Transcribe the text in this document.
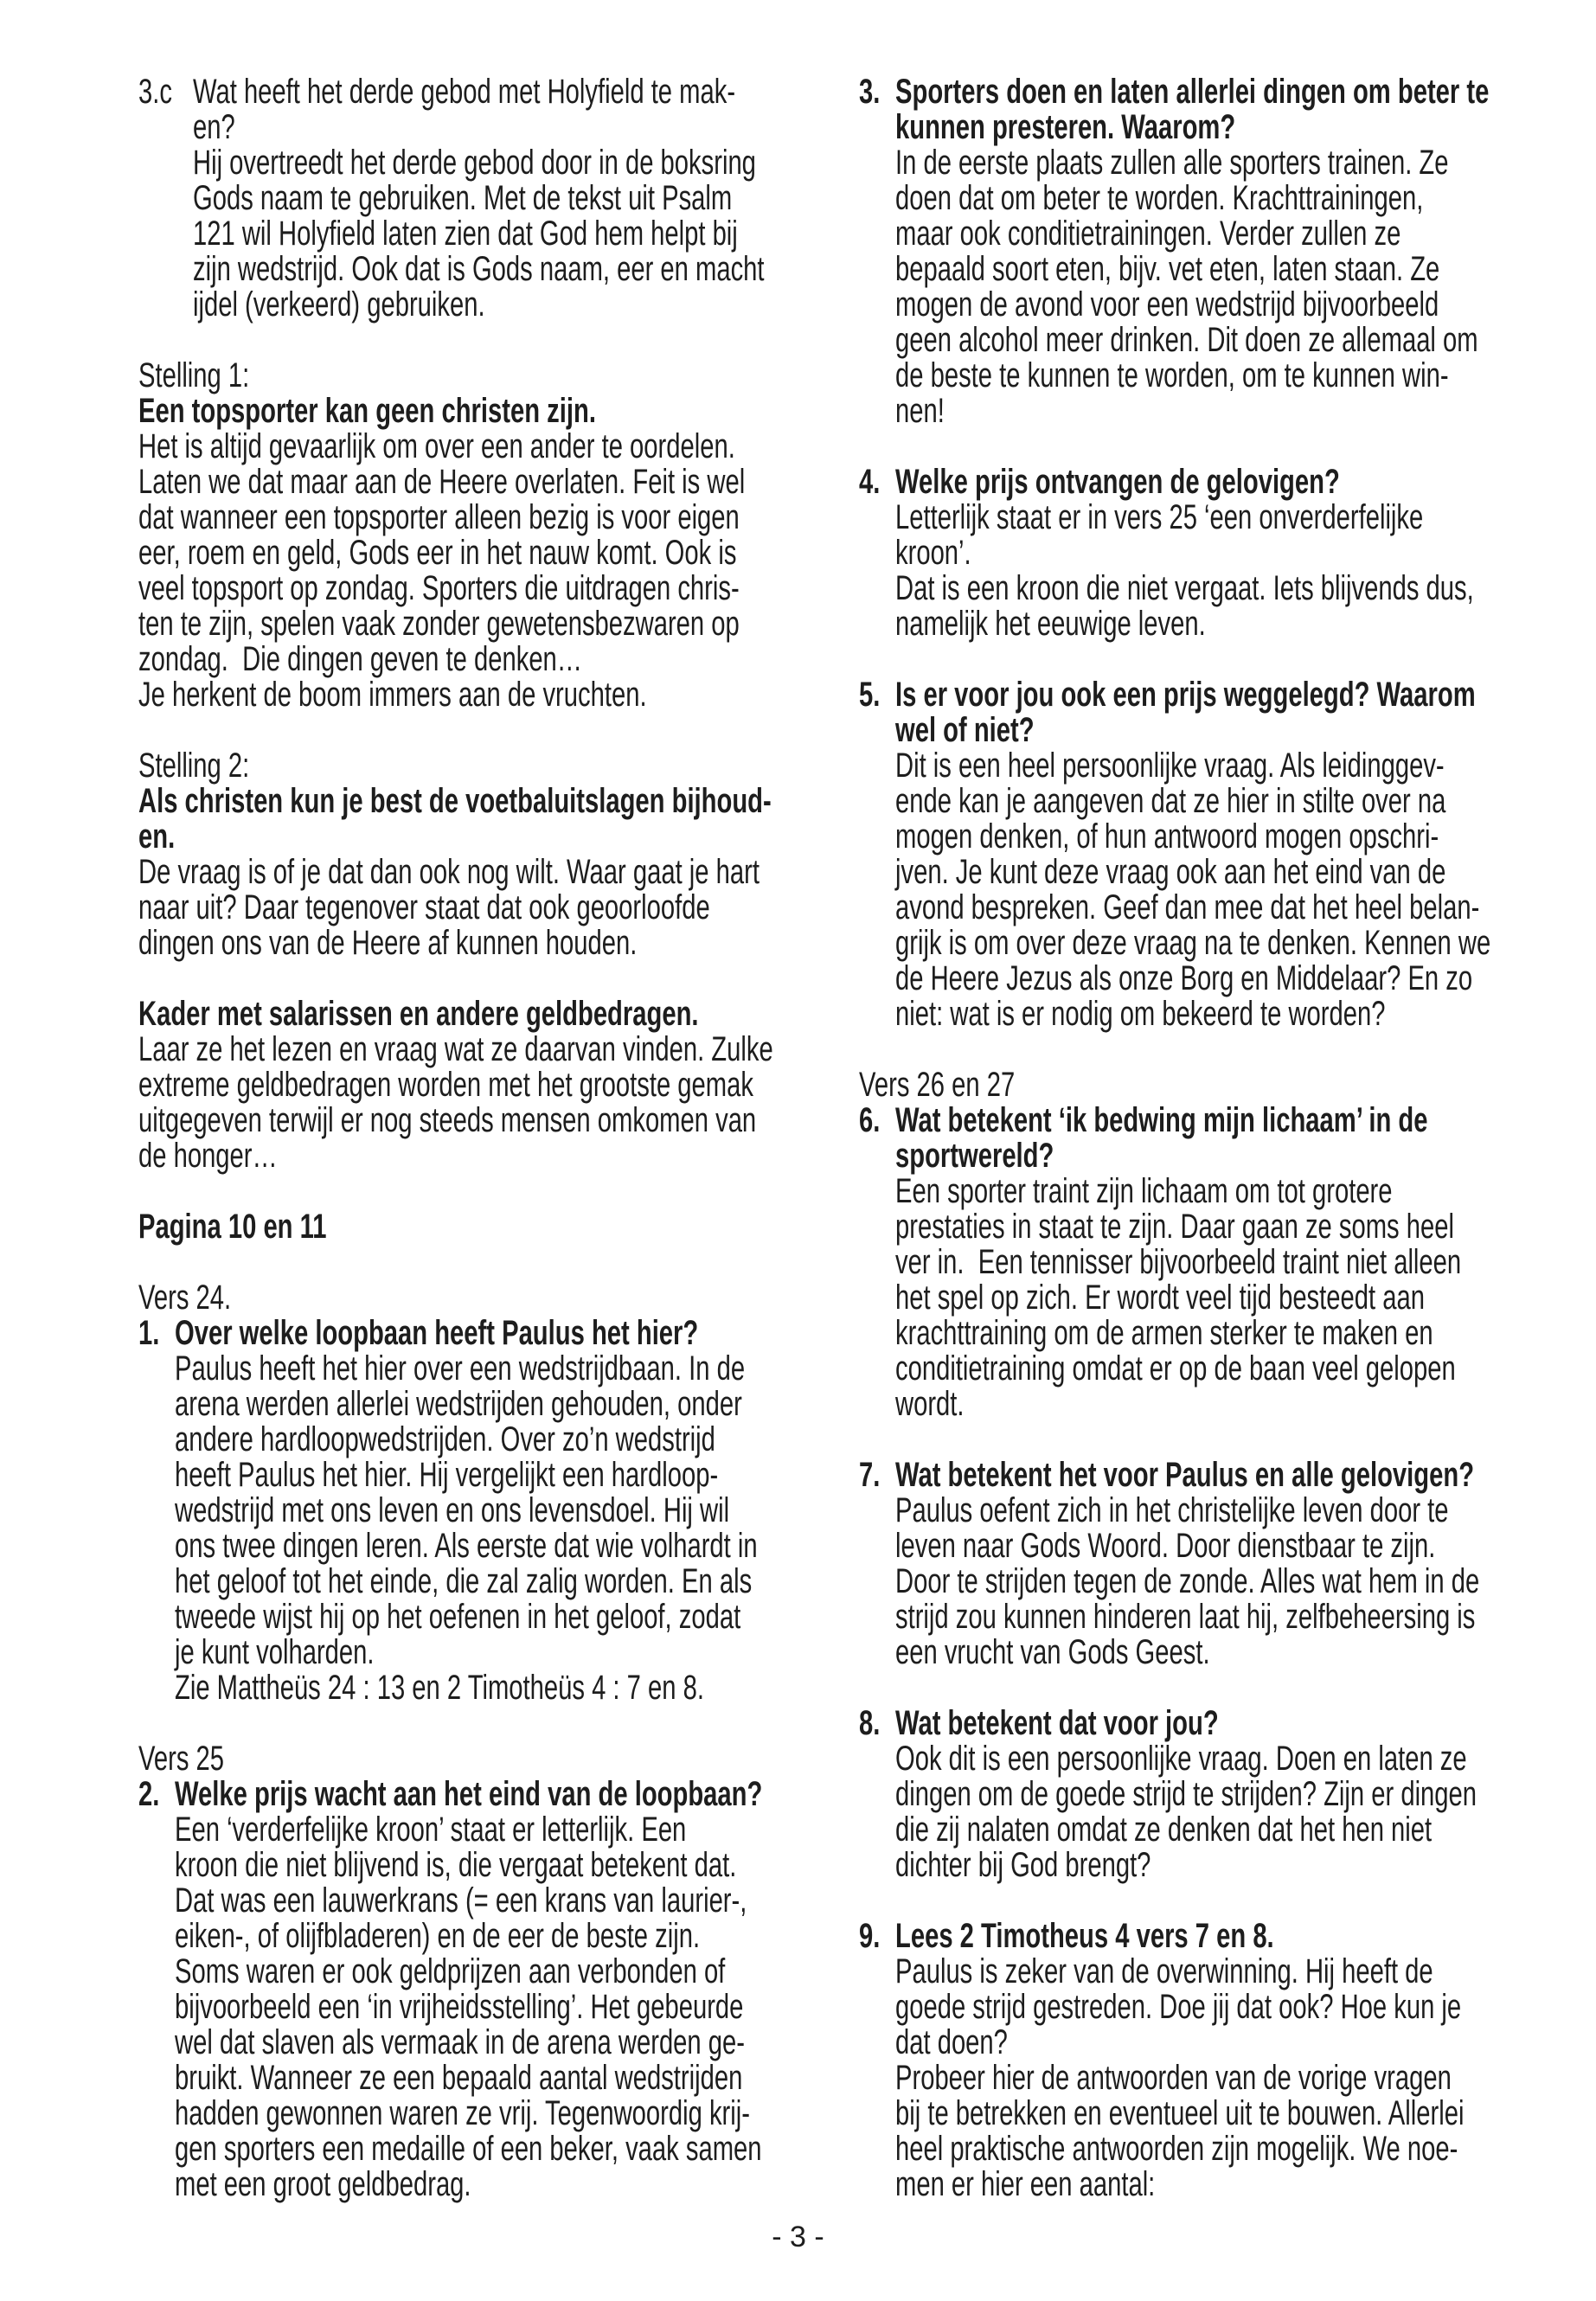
3.c Wat heeft het derde gebod met Holyfield te mak-
en?
Hij overtreedt het derde gebod door in de boksring
Gods naam te gebruiken. Met de tekst uit Psalm
121 wil Holyfield laten zien dat God hem helpt bij
zijn wedstrijd. Ook dat is Gods naam, eer en macht
ijdel (verkeerd) gebruiken.
Stelling 1:
Een topsporter kan geen christen zijn.
Het is altijd gevaarlijk om over een ander te oordelen.
Laten we dat maar aan de Heere overlaten. Feit is wel
dat wanneer een topsporter alleen bezig is voor eigen
eer, roem en geld, Gods eer in het nauw komt. Ook is
veel topsport op zondag. Sporters die uitdragen chris-
ten te zijn, spelen vaak zonder gewetensbezwaren op
zondag.  Die dingen geven te denken…
Je herkent de boom immers aan de vruchten.
Stelling 2:
Als christen kun je best de voetbaluitslagen bijhoud-
en.
De vraag is of je dat dan ook nog wilt. Waar gaat je hart
naar uit? Daar tegenover staat dat ook geoorloofde
dingen ons van de Heere af kunnen houden.
Kader met salarissen en andere geldbedragen.
Laar ze het lezen en vraag wat ze daarvan vinden. Zulke
extreme geldbedragen worden met het grootste gemak
uitgegeven terwijl er nog steeds mensen omkomen van
de honger…
Pagina 10 en 11
Vers 24.
1. Over welke loopbaan heeft Paulus het hier?
Paulus heeft het hier over een wedstrijdbaan. In de
arena werden allerlei wedstrijden gehouden, onder
andere hardloopwedstrijden. Over zo’n wedstrijd
heeft Paulus het hier. Hij vergelijkt een hardloop-
wedstrijd met ons leven en ons levensdoel. Hij wil
ons twee dingen leren. Als eerste dat wie volhardt in
het geloof tot het einde, die zal zalig worden. En als
tweede wijst hij op het oefenen in het geloof, zodat
je kunt volharden.
Zie Mattheüs 24 : 13 en 2 Timotheüs 4 : 7 en 8.
Vers 25
2. Welke prijs wacht aan het eind van de loopbaan?
Een ‘verderfelijke kroon’ staat er letterlijk. Een
kroon die niet blijvend is, die vergaat betekent dat.
Dat was een lauwerkrans (= een krans van laurier-,
eiken-, of olijfbladeren) en de eer de beste zijn.
Soms waren er ook geldprijzen aan verbonden of
bijvoorbeeld een ‘in vrijheidsstelling’. Het gebeurde
wel dat slaven als vermaak in de arena werden ge-
bruikt. Wanneer ze een bepaald aantal wedstrijden
hadden gewonnen waren ze vrij. Tegenwoordig krij-
gen sporters een medaille of een beker, vaak samen
met een groot geldbedrag.
3. Sporters doen en laten allerlei dingen om beter te
kunnen presteren. Waarom?
In de eerste plaats zullen alle sporters trainen. Ze
doen dat om beter te worden. Krachttrainingen,
maar ook conditietrainingen. Verder zullen ze
bepaald soort eten, bijv. vet eten, laten staan. Ze
mogen de avond voor een wedstrijd bijvoorbeeld
geen alcohol meer drinken. Dit doen ze allemaal om
de beste te kunnen te worden, om te kunnen win-
nen!
4. Welke prijs ontvangen de gelovigen?
Letterlijk staat er in vers 25 ‘een onverderfelijke
kroon’.
Dat is een kroon die niet vergaat. Iets blijvends dus,
namelijk het eeuwige leven.
5. Is er voor jou ook een prijs weggelegd? Waarom
wel of niet?
Dit is een heel persoonlijke vraag. Als leidinggev-
ende kan je aangeven dat ze hier in stilte over na
mogen denken, of hun antwoord mogen opschri-
jven. Je kunt deze vraag ook aan het eind van de
avond bespreken. Geef dan mee dat het heel belan-
grijk is om over deze vraag na te denken. Kennen we
de Heere Jezus als onze Borg en Middelaar? En zo
niet: wat is er nodig om bekeerd te worden?
Vers 26 en 27
6. Wat betekent ‘ik bedwing mijn lichaam’ in de
sportwereld?
Een sporter traint zijn lichaam om tot grotere
prestaties in staat te zijn. Daar gaan ze soms heel
ver in.  Een tennisser bijvoorbeeld traint niet alleen
het spel op zich. Er wordt veel tijd besteedt aan
krachttraining om de armen sterker te maken en
conditietraining omdat er op de baan veel gelopen
wordt.
7. Wat betekent het voor Paulus en alle gelovigen?
Paulus oefent zich in het christelijke leven door te
leven naar Gods Woord. Door dienstbaar te zijn.
Door te strijden tegen de zonde. Alles wat hem in de
strijd zou kunnen hinderen laat hij, zelfbeheersing is
een vrucht van Gods Geest.
8. Wat betekent dat voor jou?
Ook dit is een persoonlijke vraag. Doen en laten ze
dingen om de goede strijd te strijden? Zijn er dingen
die zij nalaten omdat ze denken dat het hen niet
dichter bij God brengt?
9. Lees 2 Timotheus 4 vers 7 en 8.
Paulus is zeker van de overwinning. Hij heeft de
goede strijd gestreden. Doe jij dat ook? Hoe kun je
dat doen?
Probeer hier de antwoorden van de vorige vragen
bij te betrekken en eventueel uit te bouwen. Allerlei
heel praktische antwoorden zijn mogelijk. We noe-
men er hier een aantal:
- 3 -
